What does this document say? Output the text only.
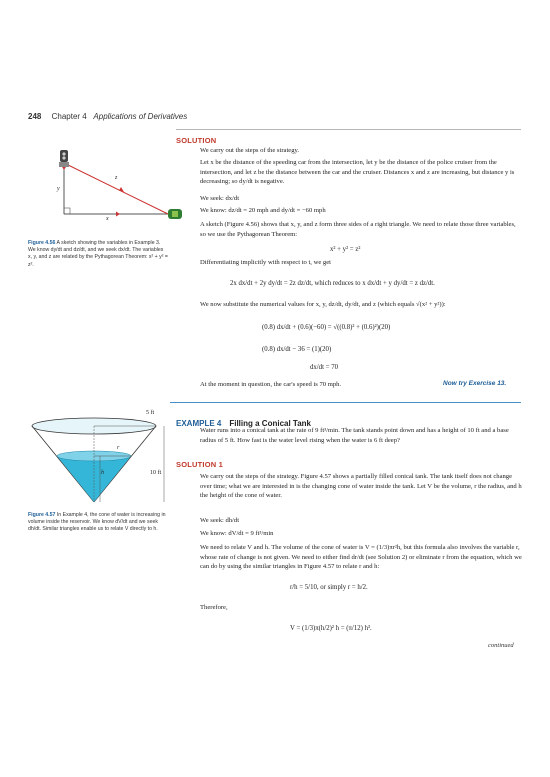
248 Chapter 4 Applications of Derivatives
SOLUTION
We carry out the steps of the strategy.
Let x be the distance of the speeding car from the intersection, let y be the distance of the police cruiser from the intersection, and let z be the distance between the car and the cruiser. Distances x and z are increasing, but distance y is decreasing; so dy/dt is negative.
We seek: dx/dt
We know: dz/dt = 20 mph and dy/dt = −60 mph
A sketch (Figure 4.56) shows that x, y, and z form three sides of a right triangle. We need to relate those three variables, so we use the Pythagorean Theorem:
x² + y² = z²
Differentiating implicitly with respect to t, we get
2x dx/dt + 2y dy/dt = 2z dz/dt, which reduces to x dx/dt + y dy/dt = z dz/dt.
We now substitute the numerical values for x, y, dz/dt, dy/dt, and z (which equals √(x² + y²)):
(0.8) dx/dt + (0.6)(−60) = √((0.8)² + (0.6)²)(20)
(0.8) dx/dt − 36 = (1)(20)
dx/dt = 70
At the moment in question, the car's speed is 70 mph.	Now try Exercise 13.
z
y
x
Figure 4.56 A sketch showing the variables in Example 3. We know dy/dt and dz/dt, and we seek dx/dt. The variables x, y, and z are related by the Pythagorean Theorem: x² + y² = z².
EXAMPLE 4 Filling a Conical Tank
Water runs into a conical tank at the rate of 9 ft³/min. The tank stands point down and has a height of 10 ft and a base radius of 5 ft. How fast is the water level rising when the water is 6 ft deep?
SOLUTION 1
We carry out the steps of the strategy. Figure 4.57 shows a partially filled conical tank. The tank itself does not change over time; what we are interested in is the changing cone of water inside the tank. Let V be the volume, r the radius, and h the height of the cone of water.
We seek: dh/dt
We know: dV/dt = 9 ft³/min
We need to relate V and h. The volume of the cone of water is V = (1/3)πr²h, but this formula also involves the variable r, whose rate of change is not given. We need to either find dr/dt (see Solution 2) or eliminate r from the equation, which we can do by using the similar triangles in Figure 4.57 to relate r and h:
r/h = 5/10, or simply r = h/2.
Therefore,
V = (1/3)π(h/2)² h = (π/12) h³.
continued
5 ft
r
h	10 ft
Figure 4.57 In Example 4, the cone of water is increasing in volume inside the reservoir. We know dV/dt and we seek dh/dt. Similar triangles enable us to relate V directly to h.
